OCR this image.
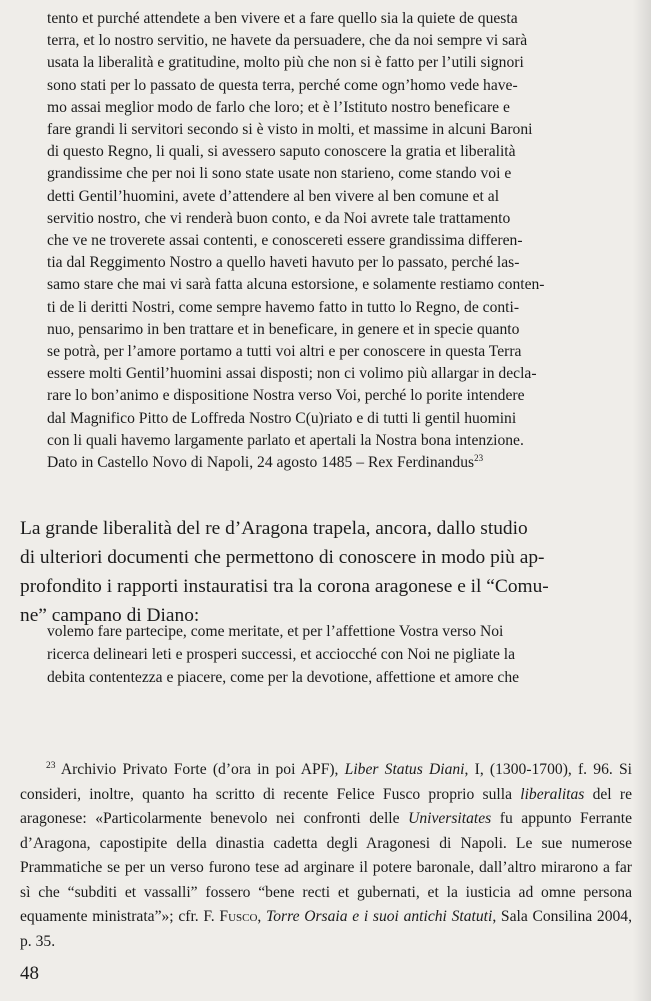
tento et purché attendete a ben vivere et a fare quello sia la quiete de questa

terra, et lo nostro servitio, ne havete da persuadere, che da noi sempre vi sarà

usata la liberalità e gratitudine, molto più che non si è fatto per l’utili signori

sono stati per lo passato de questa terra, perché come ogn’homo vede have-

mo assai meglior modo de farlo che loro; et è l’Istituto nostro beneficare e

fare grandi li servitori secondo si è visto in molti, et massime in alcuni Baroni

di questo Regno, li quali, si avessero saputo conoscere la gratia et liberalità

grandissime che per noi li sono state usate non starieno, come stando voi e

detti Gentil’huomini, avete d’attendere al ben vivere al ben comune et al

servitio nostro, che vi renderà buon conto, e da Noi avrete tale trattamento

che ve ne troverete assai contenti, e conoscereti essere grandissima differen-

tia dal Reggimento Nostro a quello haveti havuto per lo passato, perché las-

samo stare che mai vi sarà fatta alcuna estorsione, e solamente restiamo conten-

ti de li deritti Nostri, come sempre havemo fatto in tutto lo Regno, de conti-

nuo, pensarimo in ben trattare et in beneficare, in genere et in specie quanto

se potrà, per l’amore portamo a tutti voi altri e per conoscere in questa Terra

essere molti Gentil’huomini assai disposti; non ci volimo più allargar in decla-

rare lo bon’animo e dispositione Nostra verso Voi, perché lo porite intendere

dal Magnifico Pitto de Loffreda Nostro C(u)riato e di tutti li gentil huomini

con li quali havemo largamente parlato et apertali la Nostra bona intenzione.

Dato in Castello Novo di Napoli, 24 agosto 1485 – Rex Ferdinandus$^{23}$

La grande liberalità del re d’Aragona trapela, ancora, dallo studio

di ulteriori documenti che permettono di conoscere in modo più ap-

profondito i rapporti instauratisi tra la corona aragonese e il “Comu-

ne” campano di Diano:

volemo fare partecipe, come meritate, et per l’affettione Vostra verso Noi

ricerca delineari leti e prosperi successi, et acciocché con Noi ne pigliate la

debita contentezza e piacere, come per la devotione, affettione et amore che

$^{23}$ Archivio Privato Forte (d’ora in poi APF), Liber Status Diani, I, (1300-1700), f. 96. Si consideri, inoltre, quanto ha scritto di recente Felice Fusco proprio sulla liberalitas del re aragonese: «Particolarmente benevolo nei confronti delle Universitates fu appunto Ferrante d’Aragona, capostipite della dinastia cadetta degli Aragonesi di Napoli. Le sue numerose Prammatiche se per un verso furono tese ad arginare il potere baronale, dall’altro mirarono a far sì che “subditi et vassalli” fossero “bene recti et gubernati, et la iusticia ad omne persona equamente ministrata”»; cfr. F. Fusco, Torre Orsaia e i suoi antichi Statuti, Sala Consilina 2004, p. 35.

48
